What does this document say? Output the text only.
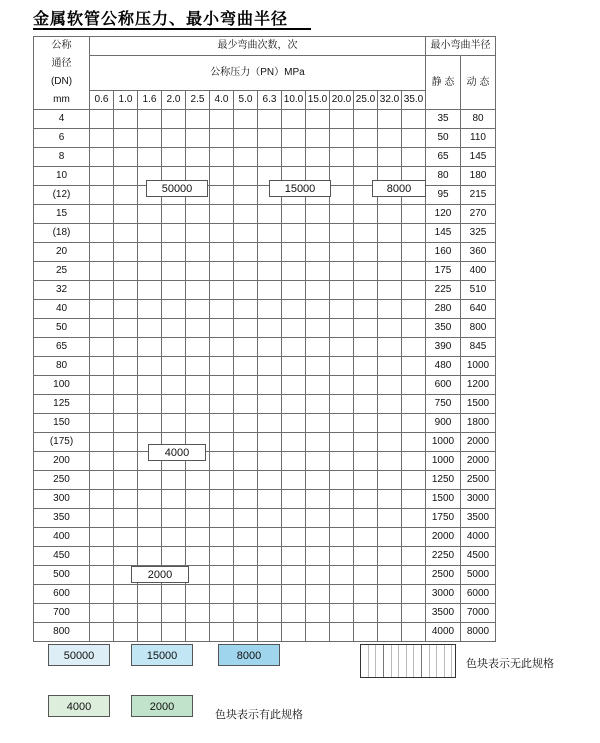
金属软管公称压力、最小弯曲半径
公称
通径
(DN)
mm	最少弯曲次数，次														最小弯曲半径	
	公称压力（PN）MPa														静 态	动 态
	0.6	1.0	1.6	2.0	2.5	4.0	5.0	6.3	10.0	15.0	20.0	25.0	32.0	35.0		
4															35	80
6															50	110
8															65	145
10															80	180
(12)															95	215
15															120	270
(18)															145	325
20															160	360
25															175	400
32															225	510
40															280	640
50															350	800
65															390	845
80															480	1000
100															600	1200
125															750	1500
150															900	1800
(175)															1000	2000
200															1000	2000
250															1250	2500
300															1500	3000
350															1750	3500
400															2000	4000
450															2250	4500
500															2500	5000
600															3000	6000
700															3500	7000
800															4000	8000
50000	15000	8000
4000
2000
色块表示无此规格
色块表示有此规格
50000	15000	8000
4000	2000
